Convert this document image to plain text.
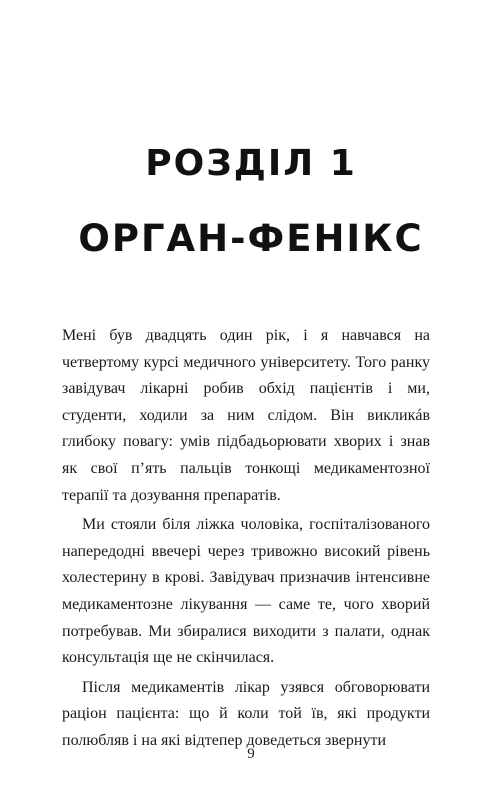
РОЗДІЛ 1
ОРГАН-ФЕНІКС

Мені був двадцять один рік, і я навчався на четвертому курсі медичного університету. Того ранку завідувач лікарні робив обхід пацієнтів і ми, студенти, ходили за ним слідом. Він викликáв глибоку повагу: умів підбадьорювати хворих і знав як свої п’ять пальців тонкощі медикаментозної терапії та дозування препаратів.

Ми стояли біля ліжка чоловіка, госпіталізованого напередодні ввечері через тривожно високий рівень холестерину в крові. Завідувач призначив інтенсивне медикаментозне лікування — саме те, чого хворий потребував. Ми збиралися виходити з палати, однак консультація ще не скінчилася.

Після медикаментів лікар узявся обговорювати раціон пацієнта: що й коли той їв, які продукти полюбляв і на які відтепер доведеться звернути

9
